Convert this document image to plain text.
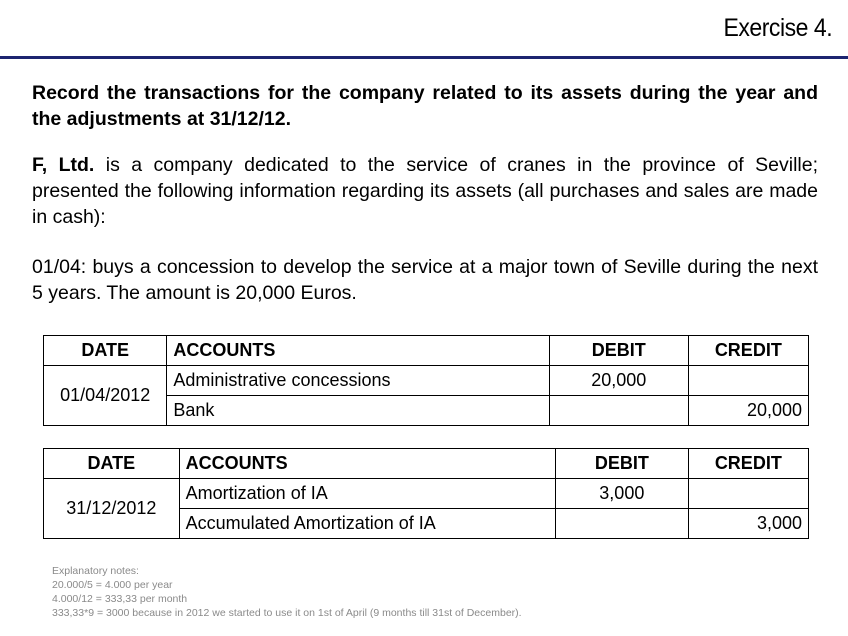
Exercise 4.

Record the transactions for the company related to its assets during the year and the adjustments at 31/12/12.

F, Ltd. is a company dedicated to the service of cranes in the province of Seville; presented the following information regarding its assets (all purchases and sales are made in cash):

01/04: buys a concession to develop the service at a major town of Seville during the next 5 years. The amount is 20,000 Euros.

DATE	ACCOUNTS	DEBIT	CREDIT
01/04/2012	Administrative concessions	20,000	
	Bank		20,000
DATE	ACCOUNTS	DEBIT	CREDIT
31/12/2012	Amortization of IA	3,000	
	Accumulated Amortization of IA		3,000
Explanatory notes:
20.000/5 = 4.000 per year
4.000/12 = 333,33 per month
333,33*9 = 3000 because in 2012 we started to use it on 1st of April (9 months till 31st of December).
